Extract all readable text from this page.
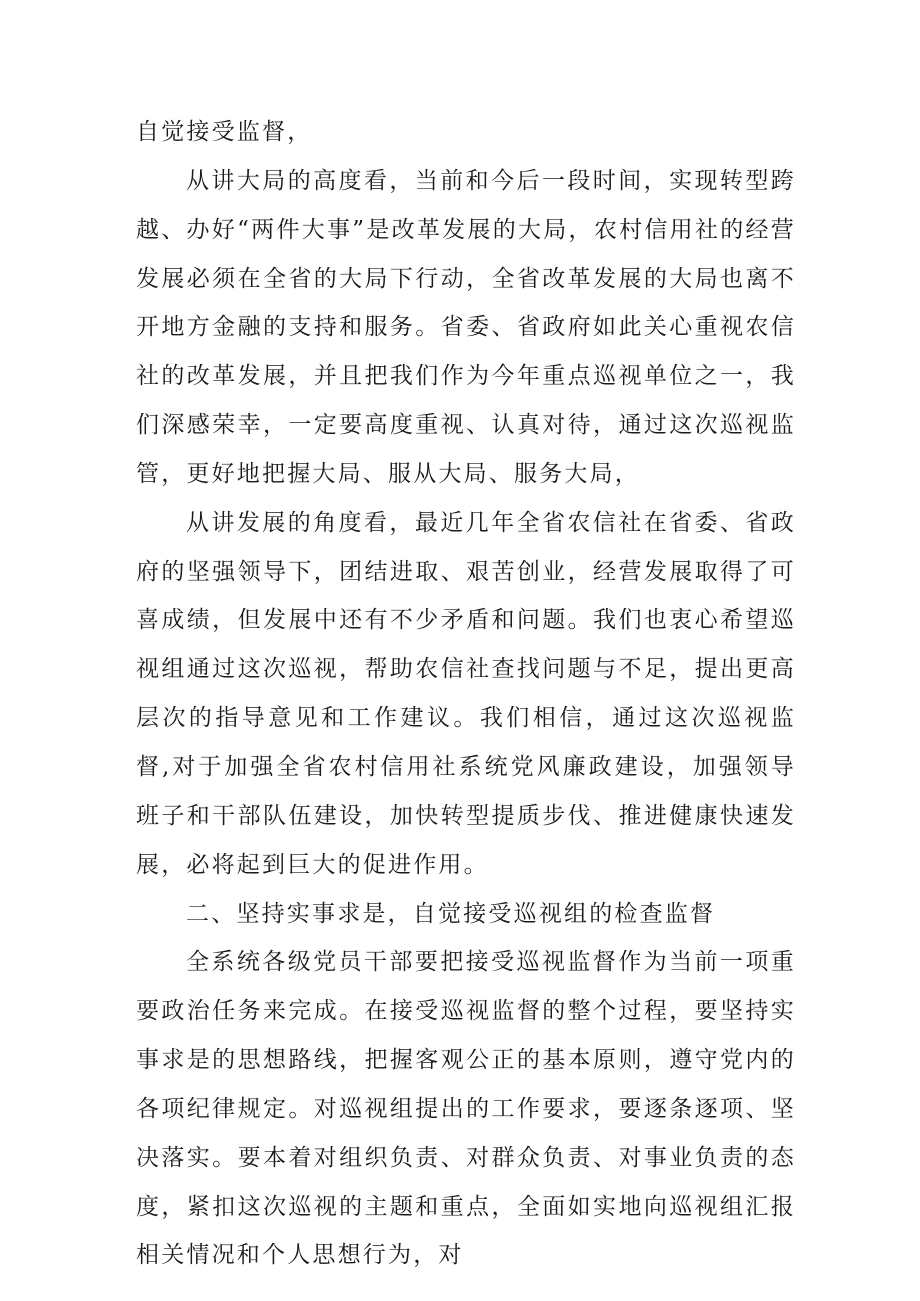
自觉接受监督，

从讲大局的高度看，当前和今后一段时间，实现转型跨越、办好“两件大事”是改革发展的大局，农村信用社的经营发展必须在全省的大局下行动，全省改革发展的大局也离不开地方金融的支持和服务。省委、省政府如此关心重视农信社的改革发展，并且把我们作为今年重点巡视单位之一，我们深感荣幸，一定要高度重视、认真对待，通过这次巡视监管，更好地把握大局、服从大局、服务大局，

从讲发展的角度看，最近几年全省农信社在省委、省政府的坚强领导下，团结进取、艰苦创业，经营发展取得了可喜成绩，但发展中还有不少矛盾和问题。我们也衷心希望巡视组通过这次巡视，帮助农信社查找问题与不足，提出更高层次的指导意见和工作建议。我们相信，通过这次巡视监督,对于加强全省农村信用社系统党风廉政建设，加强领导班子和干部队伍建设，加快转型提质步伐、推进健康快速发展，必将起到巨大的促进作用。

二、坚持实事求是，自觉接受巡视组的检查监督

全系统各级党员干部要把接受巡视监督作为当前一项重要政治任务来完成。在接受巡视监督的整个过程，要坚持实事求是的思想路线，把握客观公正的基本原则，遵守党内的各项纪律规定。对巡视组提出的工作要求，要逐条逐项、坚决落实。要本着对组织负责、对群众负责、对事业负责的态度，紧扣这次巡视的主题和重点，全面如实地向巡视组汇报相关情况和个人思想行为，对
